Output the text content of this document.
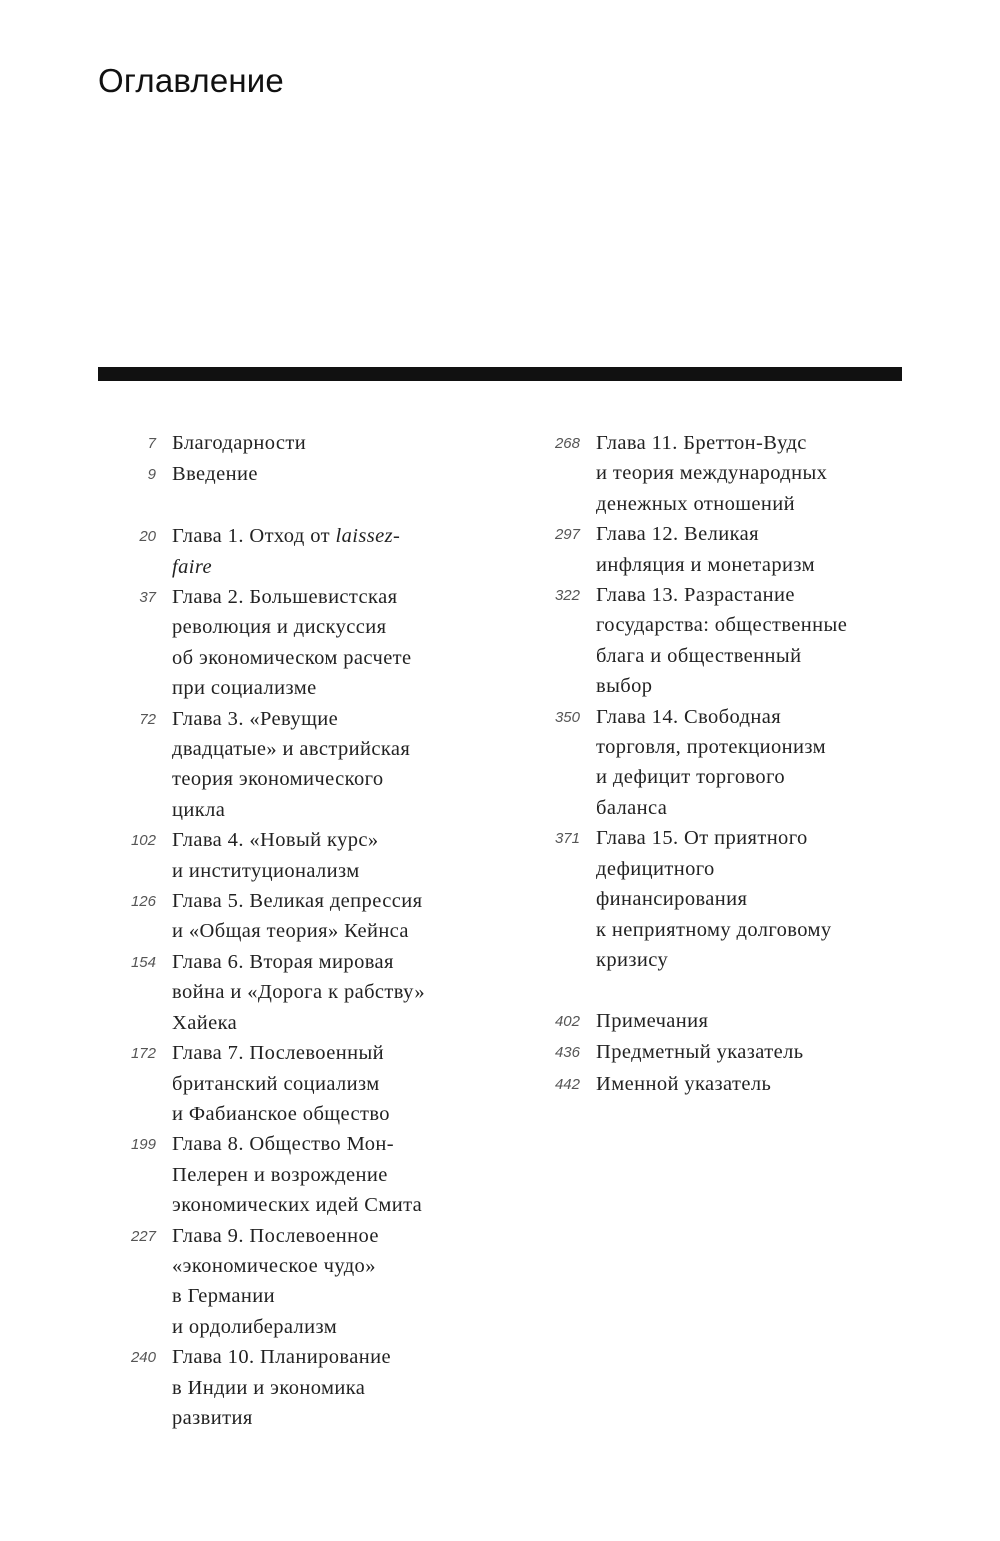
Оглавление
7 Благодарности
9 Введение
20 Глава 1. Отход от laissez-
faire
37 Глава 2. Большевистская
революция и дискуссия
об экономическом расчете
при социализме
72 Глава 3. «Ревущие
двадцатые» и австрийская
теория экономического
цикла
102 Глава 4. «Новый курс»
и институционализм
126 Глава 5. Великая депрессия
и «Общая теория» Кейнса
154 Глава 6. Вторая мировая
война и «Дорога к рабству»
Хайека
172 Глава 7. Послевоенный
британский социализм
и Фабианское общество
199 Глава 8. Общество Мон-
Пелерен и возрождение
экономических идей Смита
227 Глава 9. Послевоенное
«экономическое чудо»
в Германии
и ордолиберализм
240 Глава 10. Планирование
в Индии и экономика
развития
268 Глава 11. Бреттон-Вудс
и теория международных
денежных отношений
297 Глава 12. Великая
инфляция и монетаризм
322 Глава 13. Разрастание
государства: общественные
блага и общественный
выбор
350 Глава 14. Свободная
торговля, протекционизм
и дефицит торгового
баланса
371 Глава 15. От приятного
дефицитного
финансирования
к неприятному долговому
кризису
402 Примечания
436 Предметный указатель
442 Именной указатель
